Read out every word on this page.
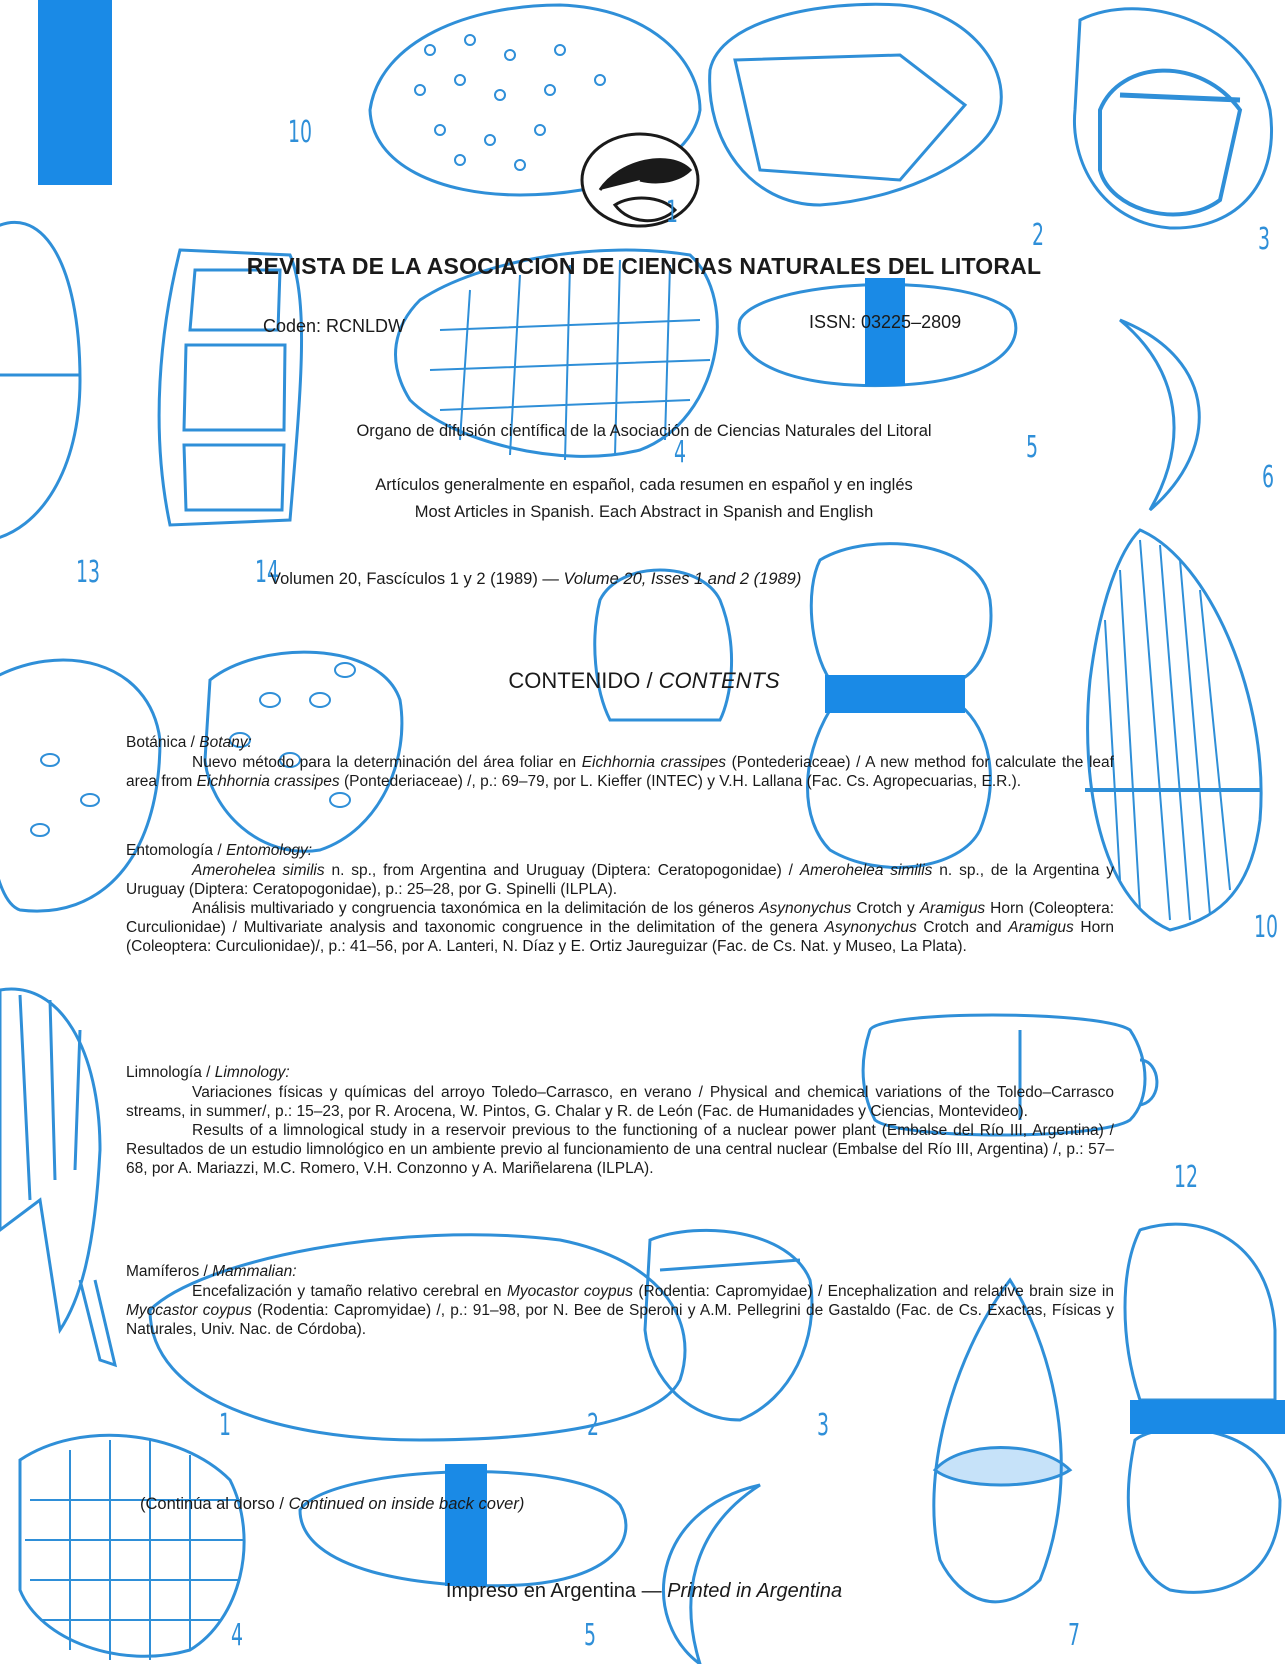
10
1
2	3
13	14
4	5
6
10
12
1	2	3
4	5	7
REVISTA DE LA ASOCIACION DE CIENCIAS NATURALES DEL LITORAL
Coden: RCNLDW	ISSN: 03225–2809
Organo de difusión científica de la Asociación de Ciencias Naturales del Litoral
Artículos generalmente en español, cada resumen en español y en inglés
Most Articles in Spanish. Each Abstract in Spanish and English
Volumen 20, Fascículos 1 y 2 (1989) — Volume 20, Isses 1 and 2 (1989)
CONTENIDO / CONTENTS
Botánica / Botany:

Nuevo método para la determinación del área foliar en Eichhornia crassipes (Pontederiaceae) / A new method for calculate the leaf area from Eichhornia crassipes (Pontederiaceae) /, p.: 69–79, por L. Kieffer (INTEC) y V.H. Lallana (Fac. Cs. Agropecuarias, E.R.).

Entomología / Entomology:

Amerohelea similis n. sp., from Argentina and Uruguay (Diptera: Ceratopogonidae) / Amerohelea similis n. sp., de la Argentina y Uruguay (Diptera: Ceratopogonidae), p.: 25–28, por G. Spinelli (ILPLA).

Análisis multivariado y congruencia taxonómica en la delimitación de los géneros Asynonychus Crotch y Aramigus Horn (Coleoptera: Curculionidae) / Multivariate analysis and taxonomic congruence in the delimitation of the genera Asynonychus Crotch and Aramigus Horn (Coleoptera: Curculionidae)/, p.: 41–56, por A. Lanteri, N. Díaz y E. Ortiz Jaureguizar (Fac. de Cs. Nat. y Museo, La Plata).

Limnología / Limnology:

Variaciones físicas y químicas del arroyo Toledo–Carrasco, en verano / Physical and chemical variations of the Toledo–Carrasco streams, in summer/, p.: 15–23, por R. Arocena, W. Pintos, G. Chalar y R. de León (Fac. de Humanidades y Ciencias, Montevideo).

Results of a limnological study in a reservoir previous to the functioning of a nuclear power plant (Embalse del Río III, Argentina) / Resultados de un estudio limnológico en un ambiente previo al funcionamiento de una central nuclear (Embalse del Río III, Argentina) /, p.: 57–68, por A. Mariazzi, M.C. Romero, V.H. Conzonno y A. Mariñelarena (ILPLA).

Mamíferos / Mammalian:

Encefalización y tamaño relativo cerebral en Myocastor coypus (Rodentia: Capromyidae) / Encephalization and relative brain size in Myocastor coypus (Rodentia: Capromyidae) /, p.: 91–98, por N. Bee de Speroni y A.M. Pellegrini de Gastaldo (Fac. de Cs. Exactas, Físicas y Naturales, Univ. Nac. de Córdoba).

(Continúa al dorso / Continued on inside back cover)
Impreso en Argentina — Printed in Argentina
